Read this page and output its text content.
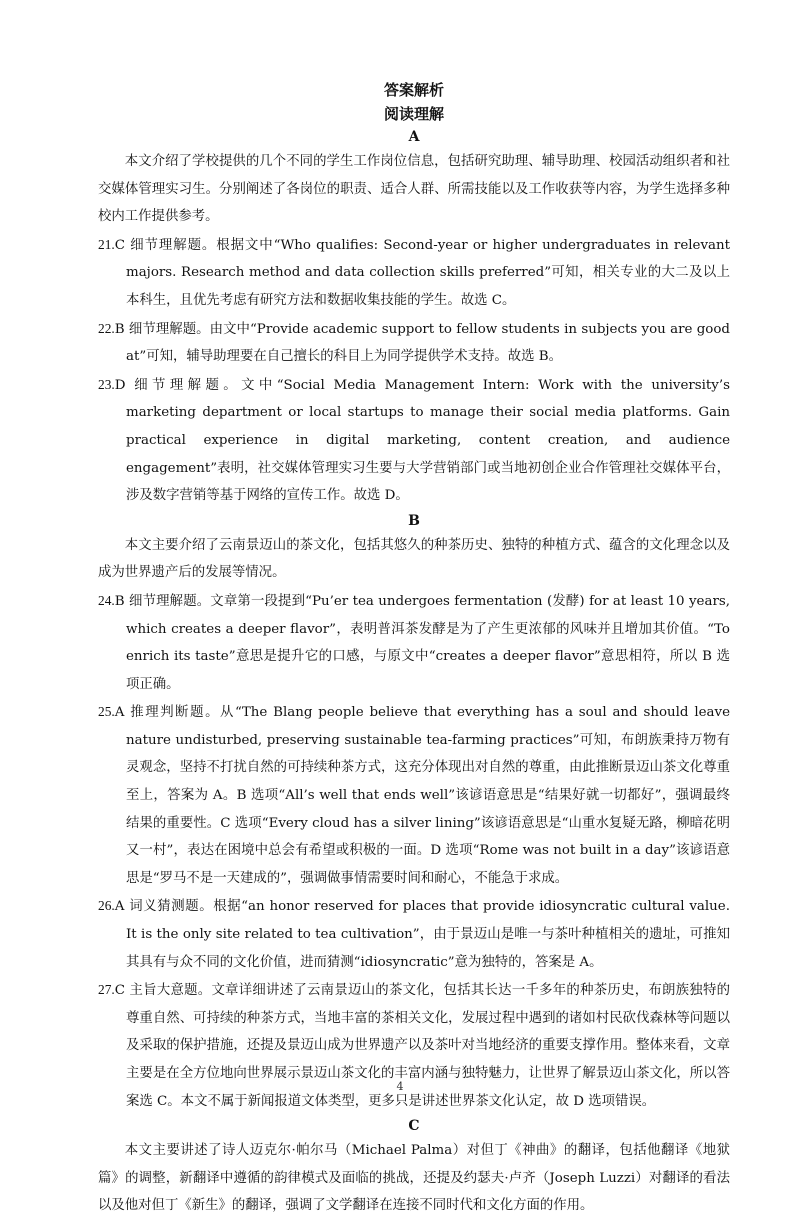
答案解析

阅读理解

A

本文介绍了学校提供的几个不同的学生工作岗位信息，包括研究助理、辅导助理、校园活动组织者和社交媒体管理实习生。分别阐述了各岗位的职责、适合人群、所需技能以及工作收获等内容，为学生选择多种校内工作提供参考。

21.C 细节理解题。根据文中“Who qualifies: Second-year or higher undergraduates in relevant majors. Research method and data collection skills preferred”可知，相关专业的大二及以上本科生，且优先考虑有研究方法和数据收集技能的学生。故选 C。

22.B 细节理解题。由文中“Provide academic support to fellow students in subjects you are good at”可知，辅导助理要在自己擅长的科目上为同学提供学术支持。故选 B。

23.D 细节理解题。文中“Social Media Management Intern: Work with the university’s marketing department or local startups to manage their social media platforms. Gain practical experience in digital marketing, content creation, and audience engagement”表明，社交媒体管理实习生要与大学营销部门或当地初创企业合作管理社交媒体平台，涉及数字营销等基于网络的宣传工作。故选 D。

B

本文主要介绍了云南景迈山的茶文化，包括其悠久的种茶历史、独特的种植方式、蕴含的文化理念以及成为世界遗产后的发展等情况。

24.B 细节理解题。文章第一段提到“Pu’er tea undergoes fermentation (发酵) for at least 10 years, which creates a deeper flavor”，表明普洱茶发酵是为了产生更浓郁的风味并且增加其价值。“To enrich its taste”意思是提升它的口感，与原文中“creates a deeper flavor”意思相符，所以 B 选项正确。

25.A 推理判断题。从“The Blang people believe that everything has a soul and should leave nature undisturbed, preserving sustainable tea-farming practices”可知，布朗族秉持万物有灵观念，坚持不打扰自然的可持续种茶方式，这充分体现出对自然的尊重，由此推断景迈山茶文化尊重至上，答案为 A。B 选项“All’s well that ends well”该谚语意思是“结果好就一切都好”，强调最终结果的重要性。C 选项“Every cloud has a silver lining”该谚语意思是“山重水复疑无路，柳暗花明又一村”，表达在困境中总会有希望或积极的一面。D 选项“Rome was not built in a day”该谚语意思是“罗马不是一天建成的”，强调做事情需要时间和耐心，不能急于求成。

26.A 词义猜测题。根据“an honor reserved for places that provide idiosyncratic cultural value. It is the only site related to tea cultivation”，由于景迈山是唯一与茶叶种植相关的遗址，可推知其具有与众不同的文化价值，进而猜测“idiosyncratic”意为独特的，答案是 A。

27.C 主旨大意题。文章详细讲述了云南景迈山的茶文化，包括其长达一千多年的种茶历史，布朗族独特的尊重自然、可持续的种茶方式，当地丰富的茶相关文化，发展过程中遇到的诸如村民砍伐森林等问题以及采取的保护措施，还提及景迈山成为世界遗产以及茶叶对当地经济的重要支撑作用。整体来看，文章主要是在全方位地向世界展示景迈山茶文化的丰富内涵与独特魅力，让世界了解景迈山茶文化，所以答案选 C。本文不属于新闻报道文体类型，更多只是讲述世界茶文化认定，故 D 选项错误。

C

本文主要讲述了诗人迈克尔·帕尔马（Michael Palma）对但丁《神曲》的翻译，包括他翻译《地狱篇》的调整，新翻译中遵循的韵律模式及面临的挑战，还提及约瑟夫·卢齐（Joseph Luzzi）对翻译的看法以及他对但丁《新生》的翻译，强调了文学翻译在连接不同时代和文化方面的作用。

4
